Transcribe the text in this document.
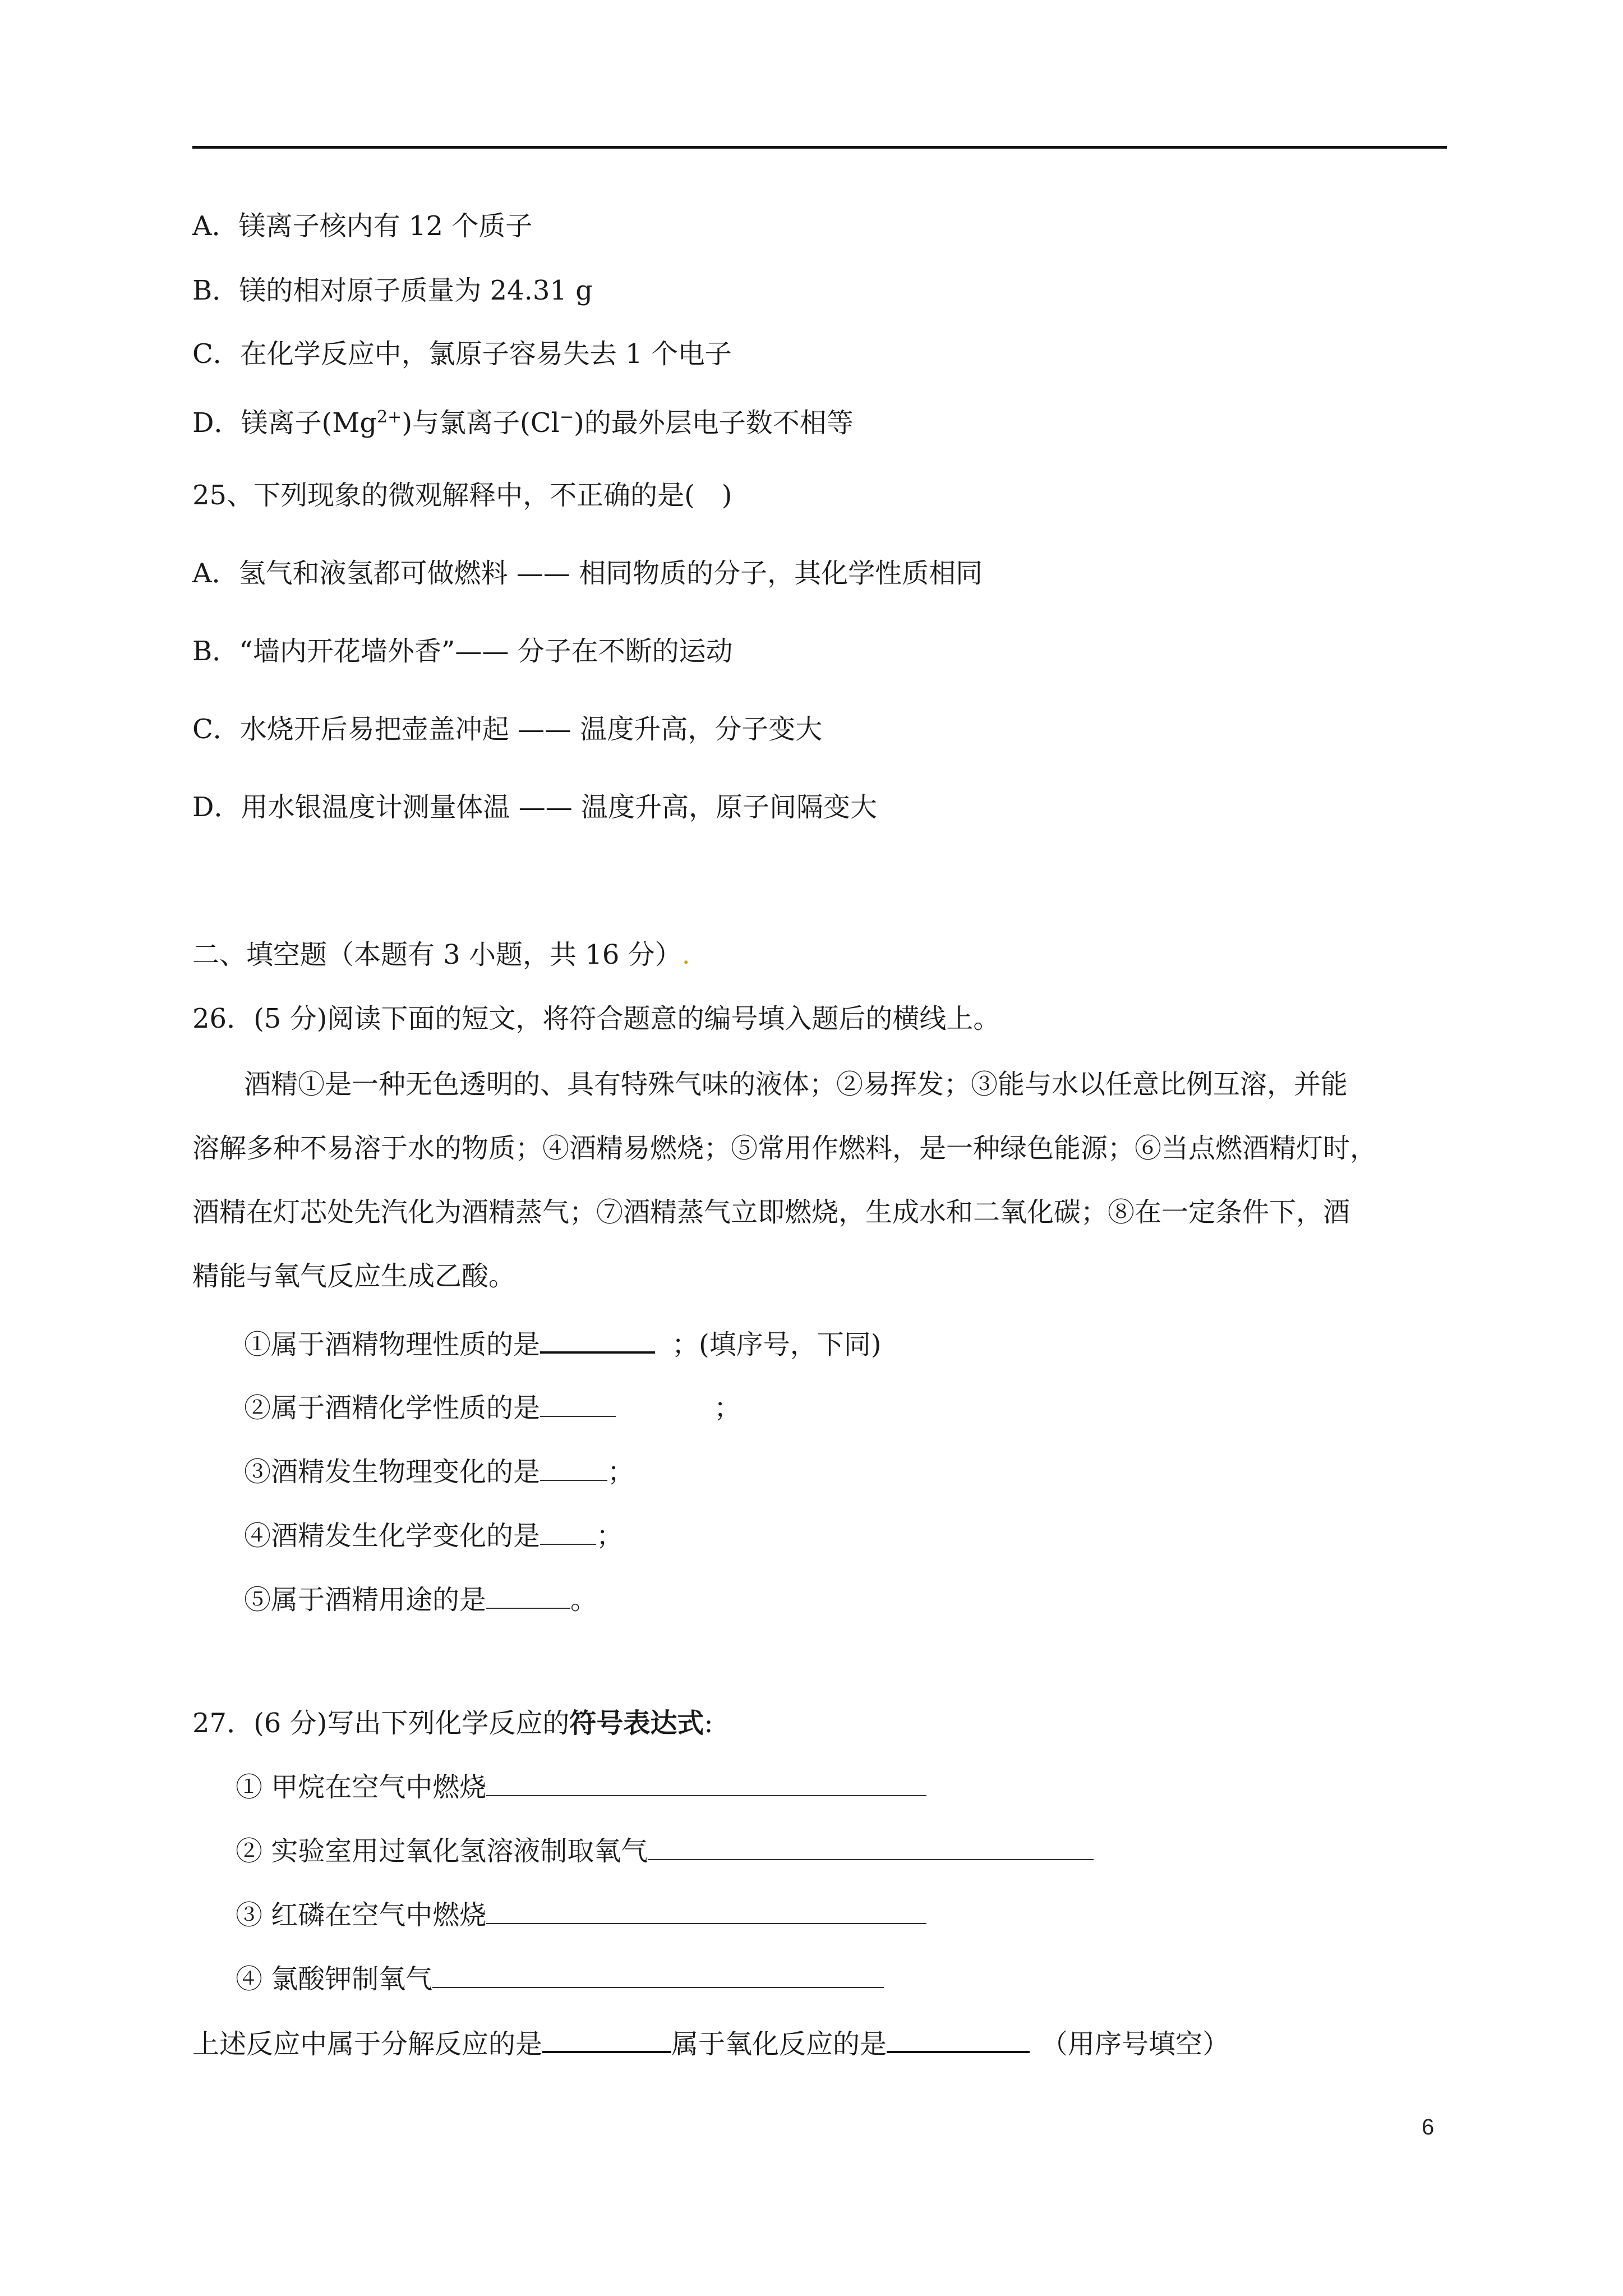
A．镁离子核内有 12 个质子
B．镁的相对原子质量为 24.31 g
C．在化学反应中，氯原子容易失去 1 个电子
D．镁离子$(Mg^{2+})$与氯离子(Cl−)的最外层电子数不相等
25、下列现象的微观解释中，不正确的是(　)
A．氢气和液氢都可做燃料 —— 相同物质的分子，其化学性质相同
B．“墙内开花墙外香”—— 分子在不断的运动
C．水烧开后易把壶盖冲起 —— 温度升高，分子变大
D．用水银温度计测量体温 —— 温度升高，原子间隔变大
二、填空题（本题有 3 小题，共 16 分）.
26．(5 分)阅读下面的短文，将符合题意的编号填入题后的横线上。
酒精①是一种无色透明的、具有特殊气味的液体；②易挥发；③能与水以任意比例互溶，并能
溶解多种不易溶于水的物质；④酒精易燃烧；⑤常用作燃料，是一种绿色能源；⑥当点燃酒精灯时，
酒精在灯芯处先汽化为酒精蒸气；⑦酒精蒸气立即燃烧，生成水和二氧化碳；⑧在一定条件下，酒
精能与氧气反应生成乙酸。
①属于酒精物理性质的是	；(填序号，下同)
②属于酒精化学性质的是	；
③酒精发生物理变化的是	；
④酒精发生化学变化的是 ；
⑤属于酒精用途的是	。
27．(6 分)写出下列化学反应的符号表达式:
① 甲烷在空气中燃烧
② 实验室用过氧化氢溶液制取氧气
③ 红磷在空气中燃烧
④ 氯酸钾制氧气
上述反应中属于分解反应的是	属于氧化反应的是	（用序号填空）
6
